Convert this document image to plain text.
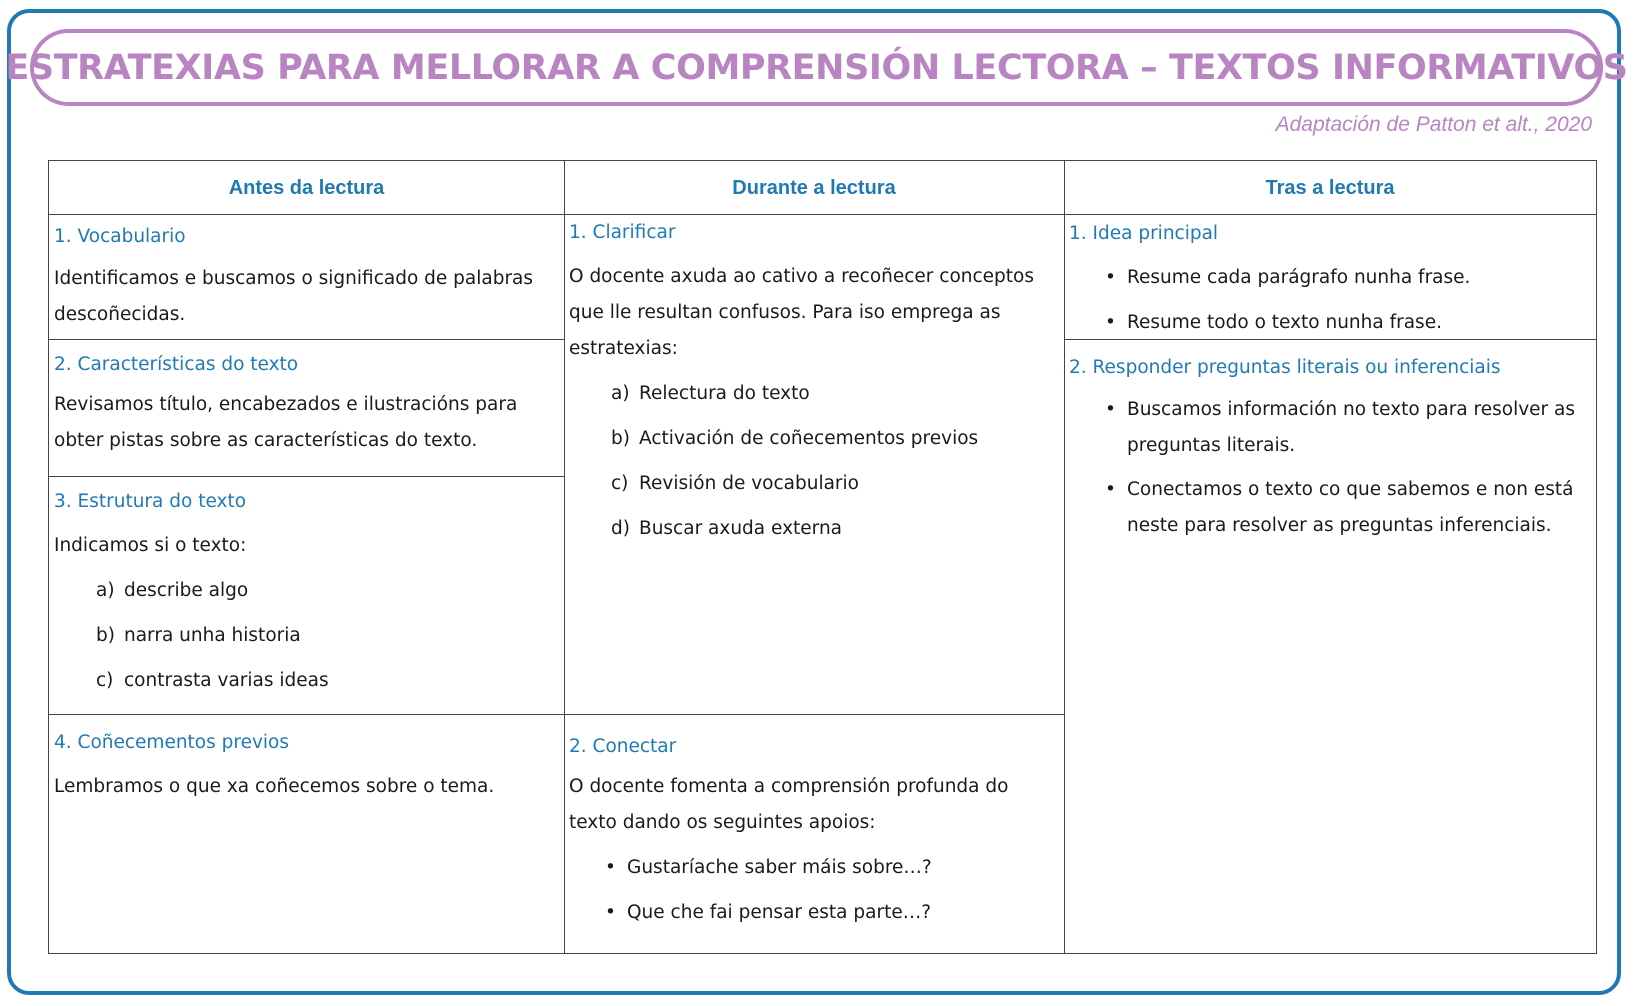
ESTRATEXIAS PARA MELLORAR A COMPRENSIÓN LECTORA – TEXTOS INFORMATIVOS
Adaptación de Patton et alt., 2020
Antes da lectura	Durante a lectura	Tras a lectura
1. Vocabulario

Identificamos e buscamos o significado de palabras descoñecidas.

2. Características do texto

Revisamos título, encabezados e ilustracións para obter pistas sobre as características do texto.

3. Estrutura do texto

Indicamos si o texto:

a) describe algo
b) narra unha historia
c) contrasta varias ideas
4. Coñecementos previos

Lembramos o que xa coñecemos sobre o tema.

1. Clarificar

O docente axuda ao cativo a recoñecer conceptos que lle resultan confusos. Para iso emprega as estratexias:

a) Relectura do texto
b) Activación de coñecementos previos
c) Revisión de vocabulario
d) Buscar axuda externa
2. Conectar

O docente fomenta a comprensión profunda do texto dando os seguintes apoios:

• Gustaríache saber máis sobre…?
• Que che fai pensar esta parte…?
1. Idea principal
• Resume cada parágrafo nunha frase.
• Resume todo o texto nunha frase.
2. Responder preguntas literais ou inferenciais
• Buscamos información no texto para resolver as preguntas literais.
• Conectamos o texto co que sabemos e non está neste para resolver as preguntas inferenciais.
